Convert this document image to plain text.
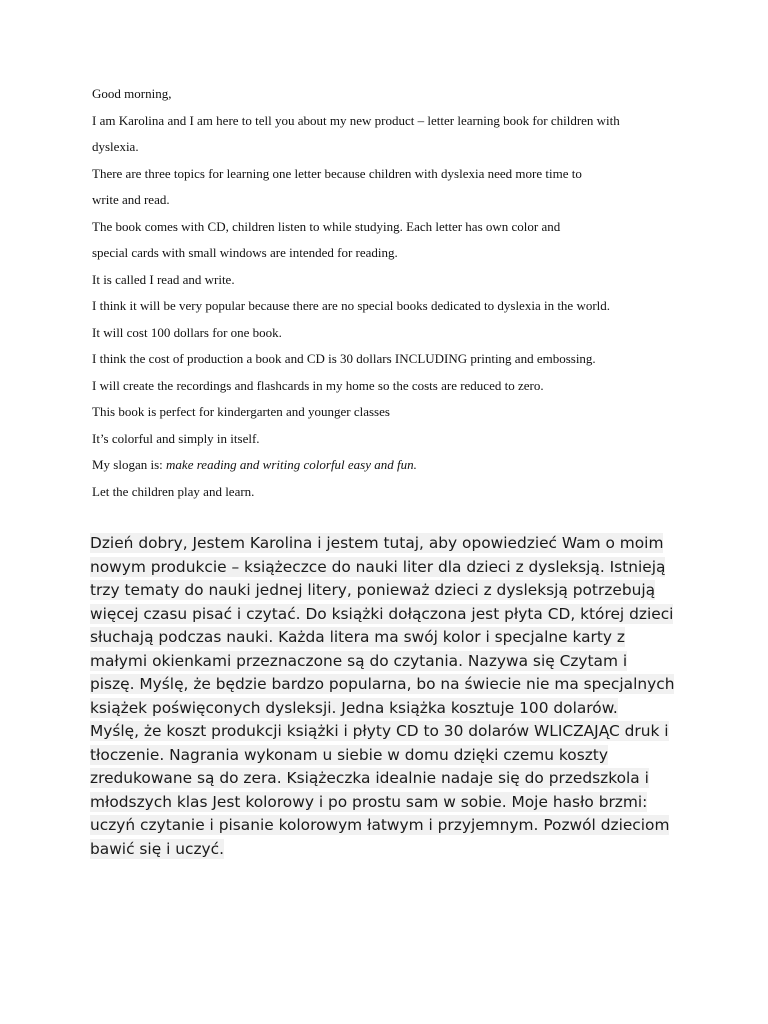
Good morning,
I am Karolina and I am here to tell you about my new product – letter learning book for children with
dyslexia.
There are three topics for learning one letter because children with dyslexia need more time to
write and read.
The book comes with CD, children listen to while studying. Each letter has own color and
special cards with small windows are intended for reading.
It is called I read and write.
I think it will be very popular because there are no special books dedicated to dyslexia in the world.
It will cost 100 dollars for one book.
I think the cost of production a book and CD is 30 dollars INCLUDING printing and embossing.
I will create the recordings and flashcards in my home so the costs are reduced to zero.
This book is perfect for kindergarten and younger classes
It’s colorful and simply in itself.
My slogan is: make reading and writing colorful easy and fun.
Let the children play and learn.
Dzień dobry, Jestem Karolina i jestem tutaj, aby opowiedzieć Wam o moim
nowym produkcie – książeczce do nauki liter dla dzieci z dysleksją. Istnieją
trzy tematy do nauki jednej litery, ponieważ dzieci z dysleksją potrzebują
więcej czasu pisać i czytać. Do książki dołączona jest płyta CD, której dzieci
słuchają podczas nauki. Każda litera ma swój kolor i specjalne karty z
małymi okienkami przeznaczone są do czytania. Nazywa się Czytam i
piszę. Myślę, że będzie bardzo popularna, bo na świecie nie ma specjalnych
książek poświęconych dysleksji. Jedna książka kosztuje 100 dolarów.
Myślę, że koszt produkcji książki i płyty CD to 30 dolarów WLICZAJĄC druk i
tłoczenie. Nagrania wykonam u siebie w domu dzięki czemu koszty
zredukowane są do zera. Książeczka idealnie nadaje się do przedszkola i
młodszych klas Jest kolorowy i po prostu sam w sobie. Moje hasło brzmi:
uczyń czytanie i pisanie kolorowym łatwym i przyjemnym. Pozwól dzieciom
bawić się i uczyć.
